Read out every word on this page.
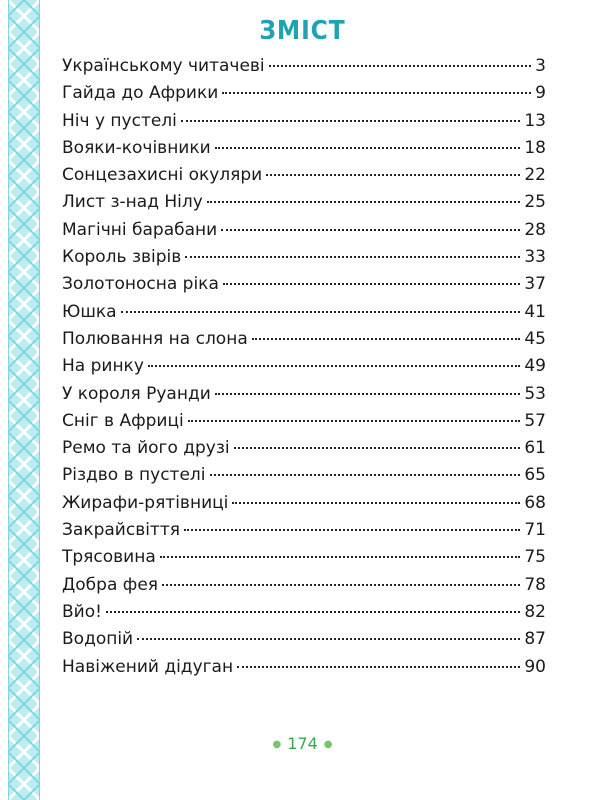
ЗМІСТ
Українському читачеві	3
Гайда до Африки	9
Ніч у пустелі	13
Вояки-кочівники	18
Сонцезахисні окуляри	22
Лист з-над Нілу	25
Магічні барабани	28
Король звірів	33
Золотоносна ріка	37
Юшка	41
Полювання на слона	45
На ринку	49
У короля Руанди	53
Сніг в Африці	57
Ремо та його друзі	61
Різдво в пустелі	65
Жирафи-рятівниці	68
Закрайсвіття	71
Трясовина	75
Добра фея	78
Вйо!	82
Водопій	87
Навіжений дідуган	90
● 174 ●
